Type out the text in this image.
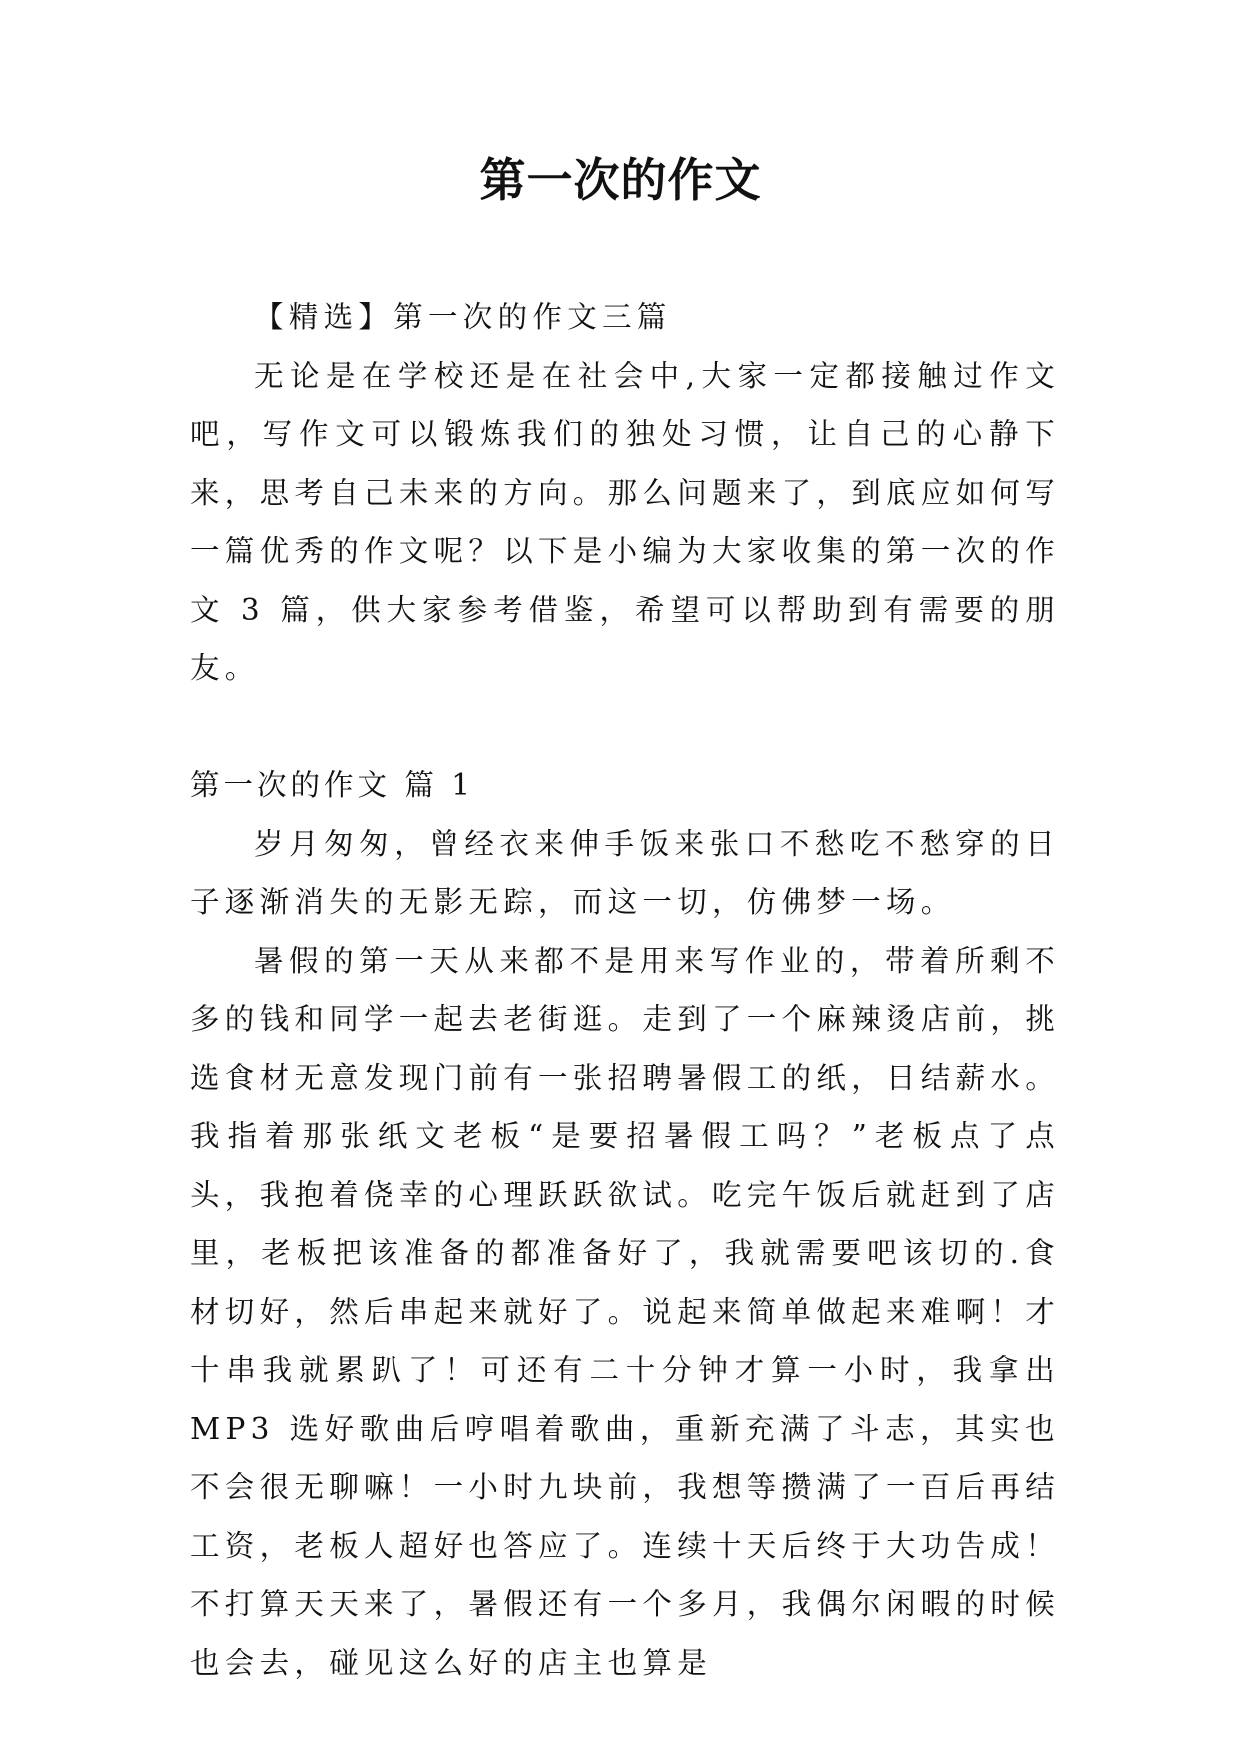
第一次的作文

【精选】第一次的作文三篇

无论是在学校还是在社会中,大家一定都接触过作文吧，写作文可以锻炼我们的独处习惯，让自己的心静下来，思考自己未来的方向。那么问题来了，到底应如何写一篇优秀的作文呢？以下是小编为大家收集的第一次的作文 3 篇，供大家参考借鉴，希望可以帮助到有需要的朋友。

第一次的作文 篇 1

岁月匆匆，曾经衣来伸手饭来张口不愁吃不愁穿的日子逐渐消失的无影无踪，而这一切，仿佛梦一场。

暑假的第一天从来都不是用来写作业的，带着所剩不多的钱和同学一起去老街逛。走到了一个麻辣烫店前，挑选食材无意发现门前有一张招聘暑假工的纸，日结薪水。我指着那张纸文老板“是要招暑假工吗？”老板点了点头，我抱着侥幸的心理跃跃欲试。吃完午饭后就赶到了店里，老板把该准备的都准备好了，我就需要吧该切的.食材切好，然后串起来就好了。说起来简单做起来难啊！才十串我就累趴了！可还有二十分钟才算一小时，我拿出 MP3 选好歌曲后哼唱着歌曲，重新充满了斗志，其实也不会很无聊嘛！一小时九块前，我想等攒满了一百后再结工资，老板人超好也答应了。连续十天后终于大功告成！不打算天天来了，暑假还有一个多月，我偶尔闲暇的时候也会去，碰见这么好的店主也算是
